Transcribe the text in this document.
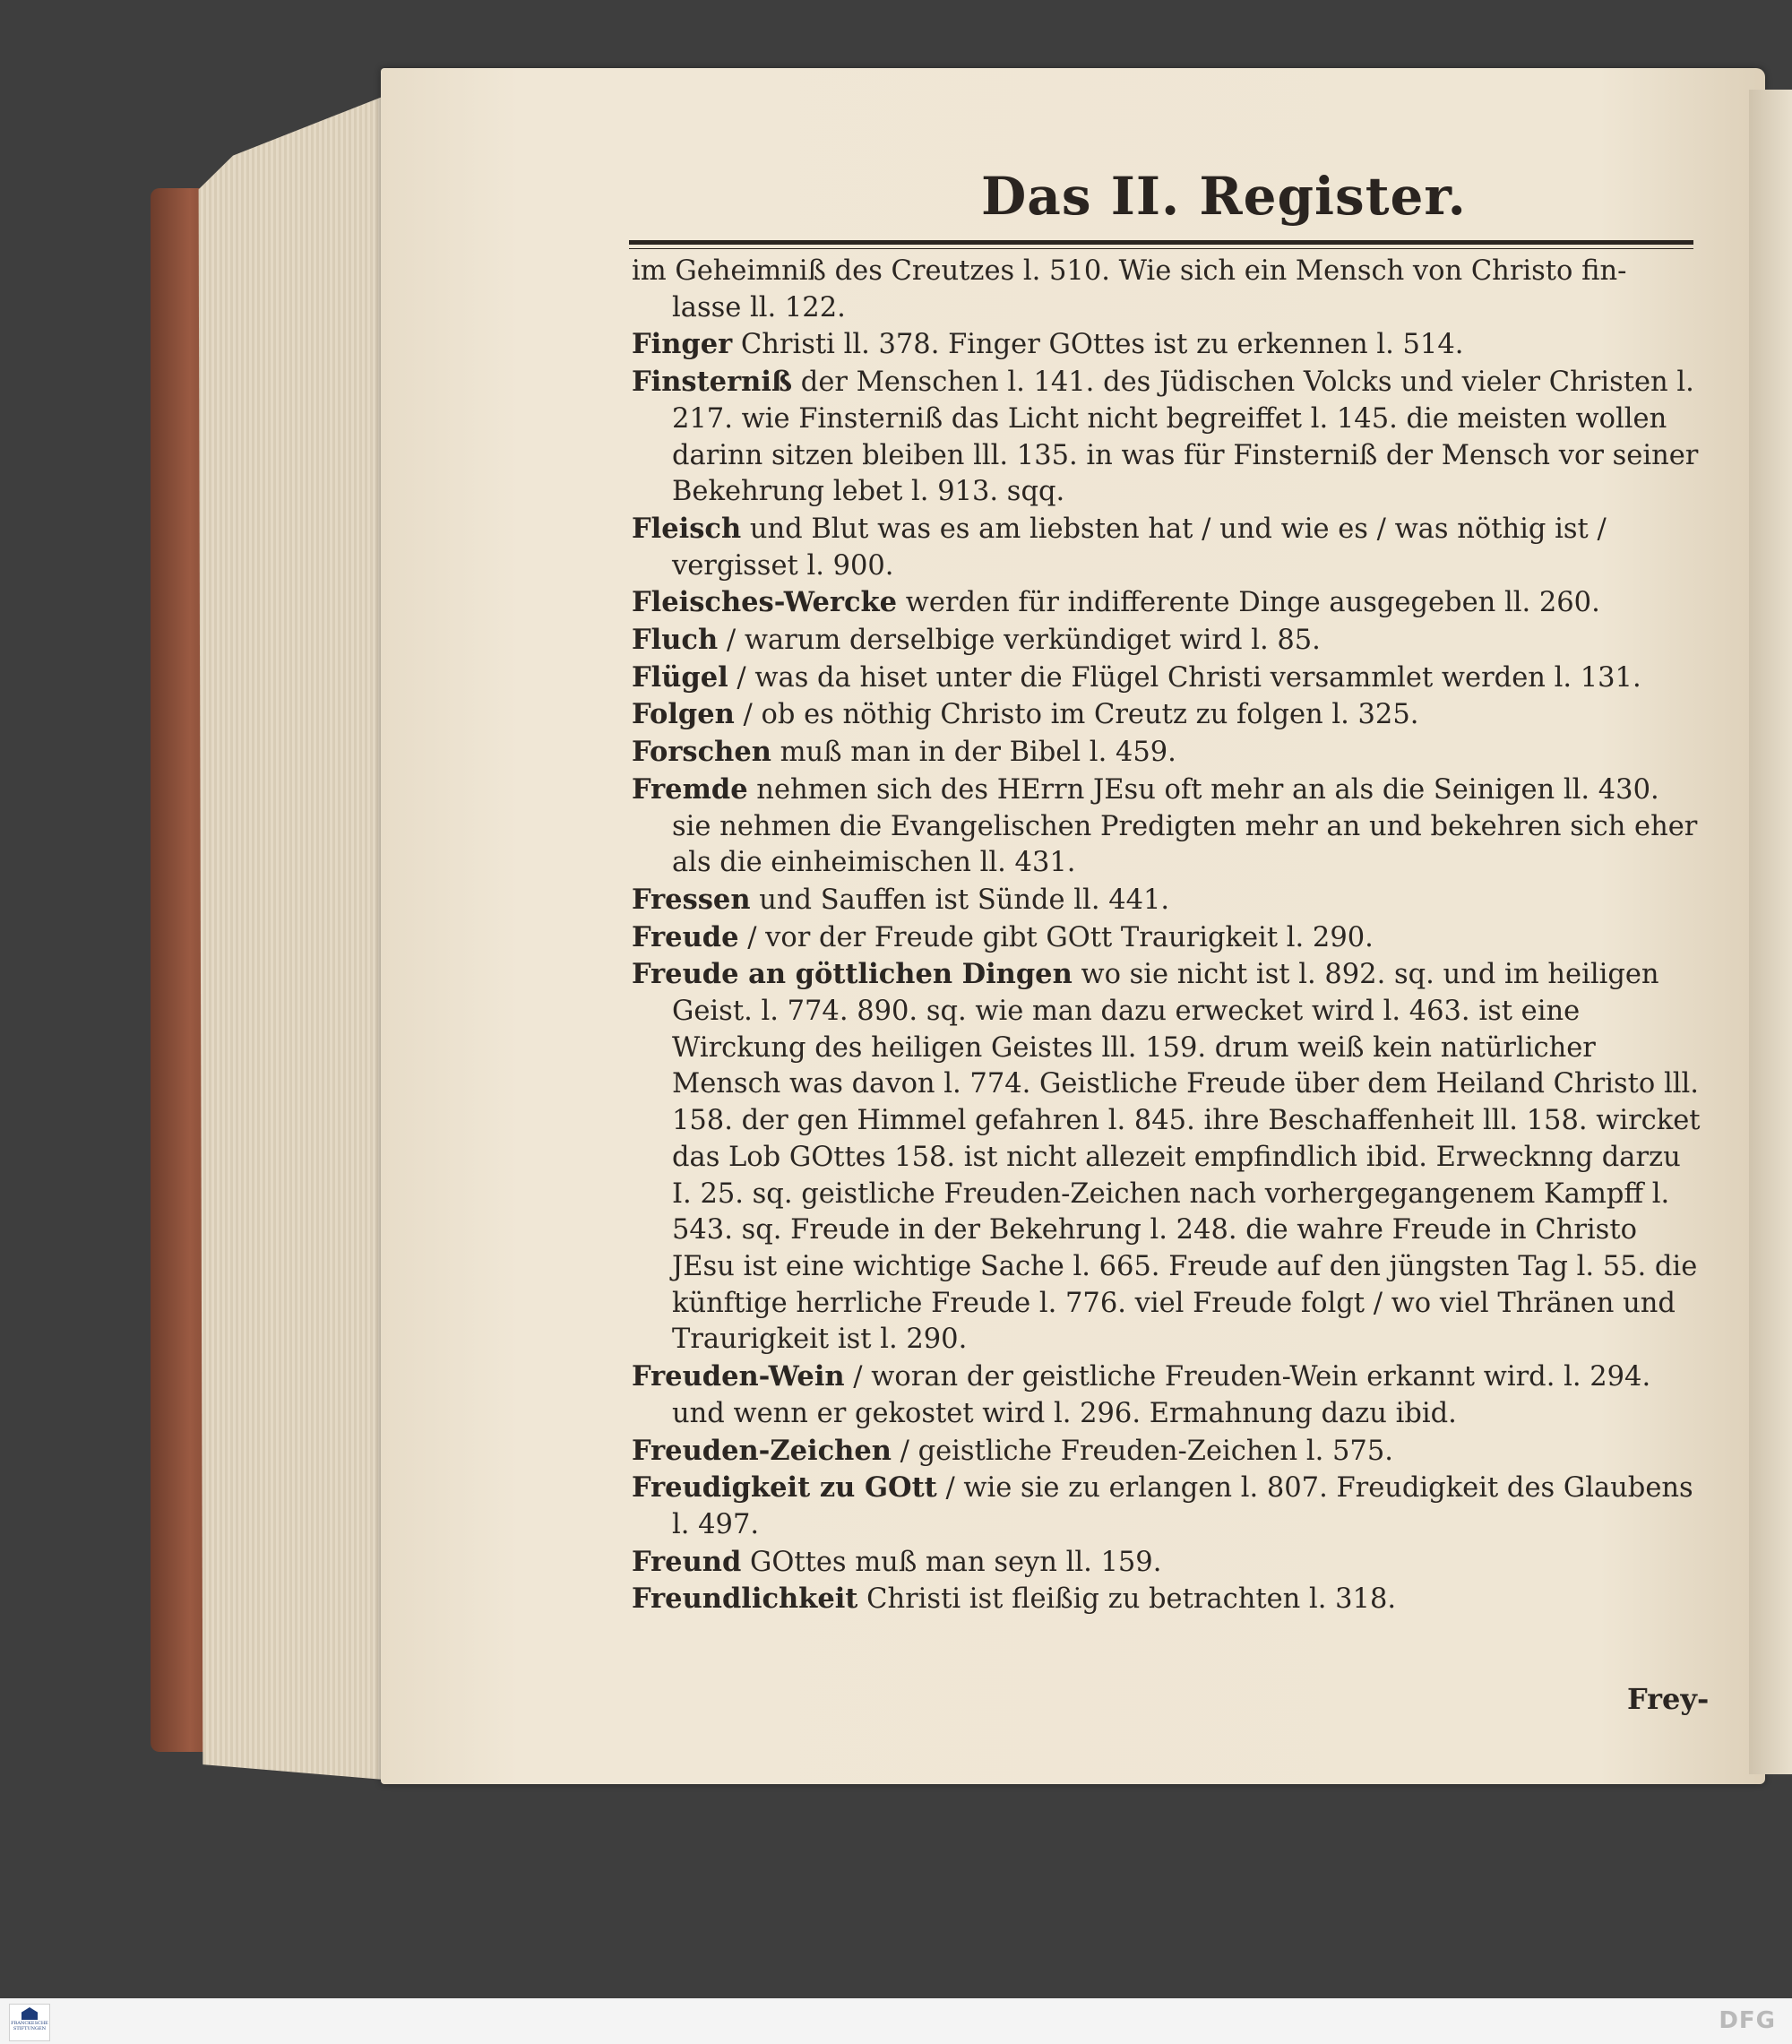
Das II. Register.

im Geheimniß des Creutzes l. 510. Wie sich ein Mensch von Christo fin-

lasse ll. 122.

Finger Christi ll. 378. Finger GOttes ist zu erkennen l. 514.

Finsterniß der Menschen l. 141. des Jüdischen Volcks und vieler Christen l. 217. wie Finsterniß das Licht nicht begreiffet l. 145. die meisten wollen darinn sitzen bleiben lll. 135. in was für Finsterniß der Mensch vor seiner Bekehrung lebet l. 913. sqq.

Fleisch und Blut was es am liebsten hat / und wie es / was nöthig ist / vergisset l. 900.

Fleisches-Wercke werden für indifferente Dinge ausgegeben ll. 260.

Fluch / warum derselbige verkündiget wird l. 85.

Flügel / was da hiset unter die Flügel Christi versammlet werden l. 131.

Folgen / ob es nöthig Christo im Creutz zu folgen l. 325.

Forschen muß man in der Bibel l. 459.

Fremde nehmen sich des HErrn JEsu oft mehr an als die Seinigen ll. 430. sie nehmen die Evangelischen Predigten mehr an und bekehren sich eher als die einheimischen ll. 431.

Fressen und Sauffen ist Sünde ll. 441.

Freude / vor der Freude gibt GOtt Traurigkeit l. 290.

Freude an göttlichen Dingen wo sie nicht ist l. 892. sq. und im heiligen Geist. l. 774. 890. sq. wie man dazu erwecket wird l. 463. ist eine Wirckung des heiligen Geistes lll. 159. drum weiß kein natürlicher Mensch was davon l. 774. Geistliche Freude über dem Heiland Christo lll. 158. der gen Himmel gefahren l. 845. ihre Beschaffenheit lll. 158. wircket das Lob GOttes 158. ist nicht allezeit empfindlich ibid. Erwecknng darzu I. 25. sq. geistliche Freuden-Zeichen nach vorhergegangenem Kampff l. 543. sq. Freude in der Bekehrung l. 248. die wahre Freude in Christo JEsu ist eine wichtige Sache l. 665. Freude auf den jüngsten Tag l. 55. die künftige herrliche Freude l. 776. viel Freude folgt / wo viel Thränen und Traurigkeit ist l. 290.

Freuden-Wein / woran der geistliche Freuden-Wein erkannt wird. l. 294. und wenn er gekostet wird l. 296. Ermahnung dazu ibid.

Freuden-Zeichen / geistliche Freuden-Zeichen l. 575.

Freudigkeit zu GOtt / wie sie zu erlangen l. 807. Freudigkeit des Glaubens l. 497.

Freund GOttes muß man seyn ll. 159.

Freundlichkeit Christi ist fleißig zu betrachten l. 318.

Frey-
FRANCKESCHE STIFTUNGEN	DFG
